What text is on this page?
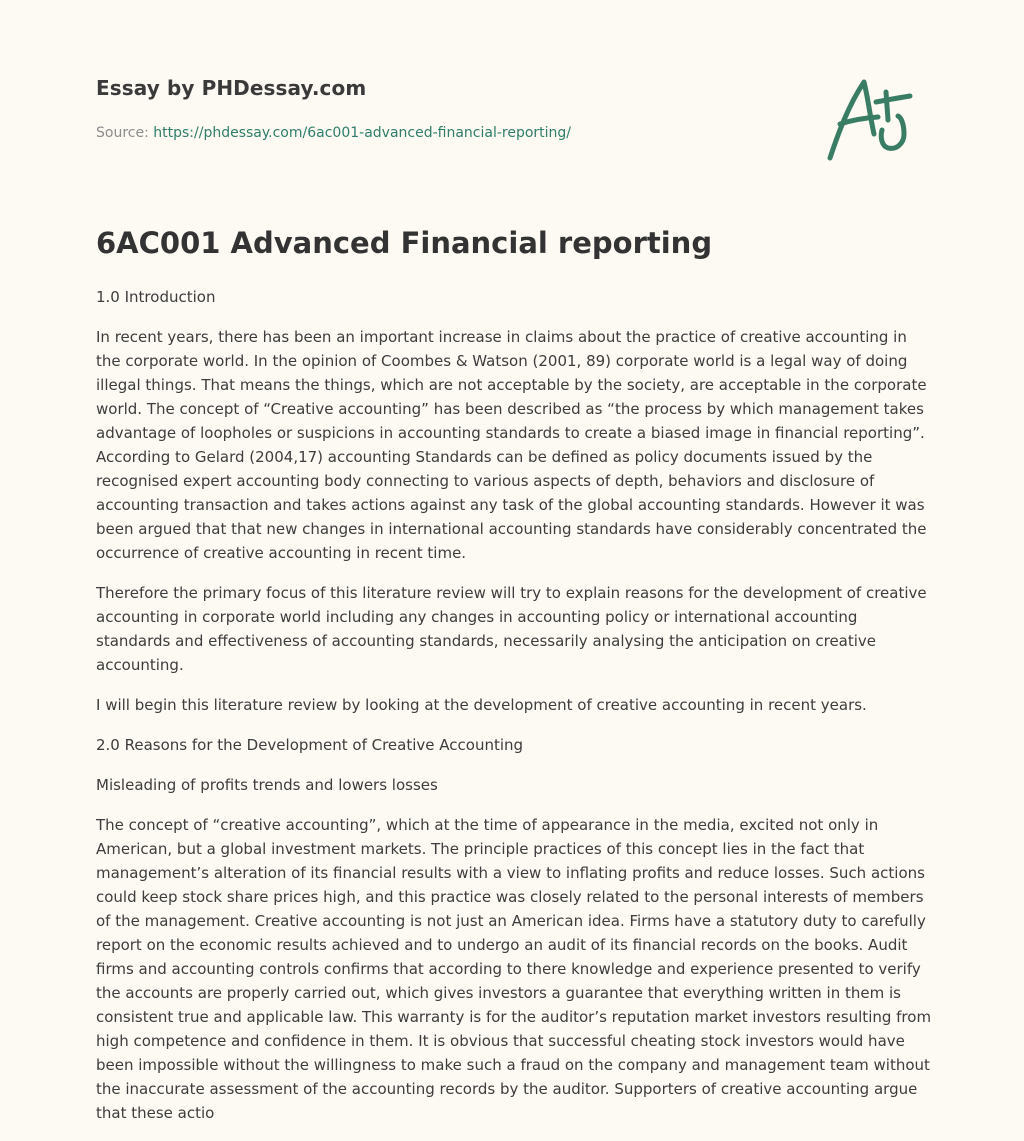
Essay by PHDessay.com
Source: https://phdessay.com/6ac001-advanced-financial-reporting/
6AC001 Advanced Financial reporting

1.0 Introduction

In recent years, there has been an important increase in claims about the practice of creative accounting in the corporate world. In the opinion of Coombes & Watson (2001, 89) corporate world is a legal way of doing illegal things. That means the things, which are not acceptable by the society, are acceptable in the corporate world. The concept of “Creative accounting” has been described as “the process by which management takes advantage of loopholes or suspicions in accounting standards to create a biased image in financial reporting”. According to Gelard (2004,17) accounting Standards can be defined as policy documents issued by the recognised expert accounting body connecting to various aspects of depth, behaviors and disclosure of accounting transaction and takes actions against any task of the global accounting standards. However it was been argued that that new changes in international accounting standards have considerably concentrated the occurrence of creative accounting in recent time.

Therefore the primary focus of this literature review will try to explain reasons for the development of creative accounting in corporate world including any changes in accounting policy or international accounting standards and effectiveness of accounting standards, necessarily analysing the anticipation on creative accounting.

I will begin this literature review by looking at the development of creative accounting in recent years.

2.0 Reasons for the Development of Creative Accounting

Misleading of profits trends and lowers losses

The concept of “creative accounting”, which at the time of appearance in the media, excited not only in American, but a global investment markets. The principle practices of this concept lies in the fact that management’s alteration of its financial results with a view to inflating profits and reduce losses. Such actions could keep stock share prices high, and this practice was closely related to the personal interests of members of the management. Creative accounting is not just an American idea. Firms have a statutory duty to carefully report on the economic results achieved and to undergo an audit of its financial records on the books. Audit firms and accounting controls confirms that according to there knowledge and experience presented to verify the accounts are properly carried out, which gives investors a guarantee that everything written in them is consistent true and applicable law. This warranty is for the auditor’s reputation market investors resulting from high competence and confidence in them. It is obvious that successful cheating stock investors would have been impossible without the willingness to make such a fraud on the company and management team without the inaccurate assessment of the accounting records by the auditor. Supporters of creative accounting argue that these actio
